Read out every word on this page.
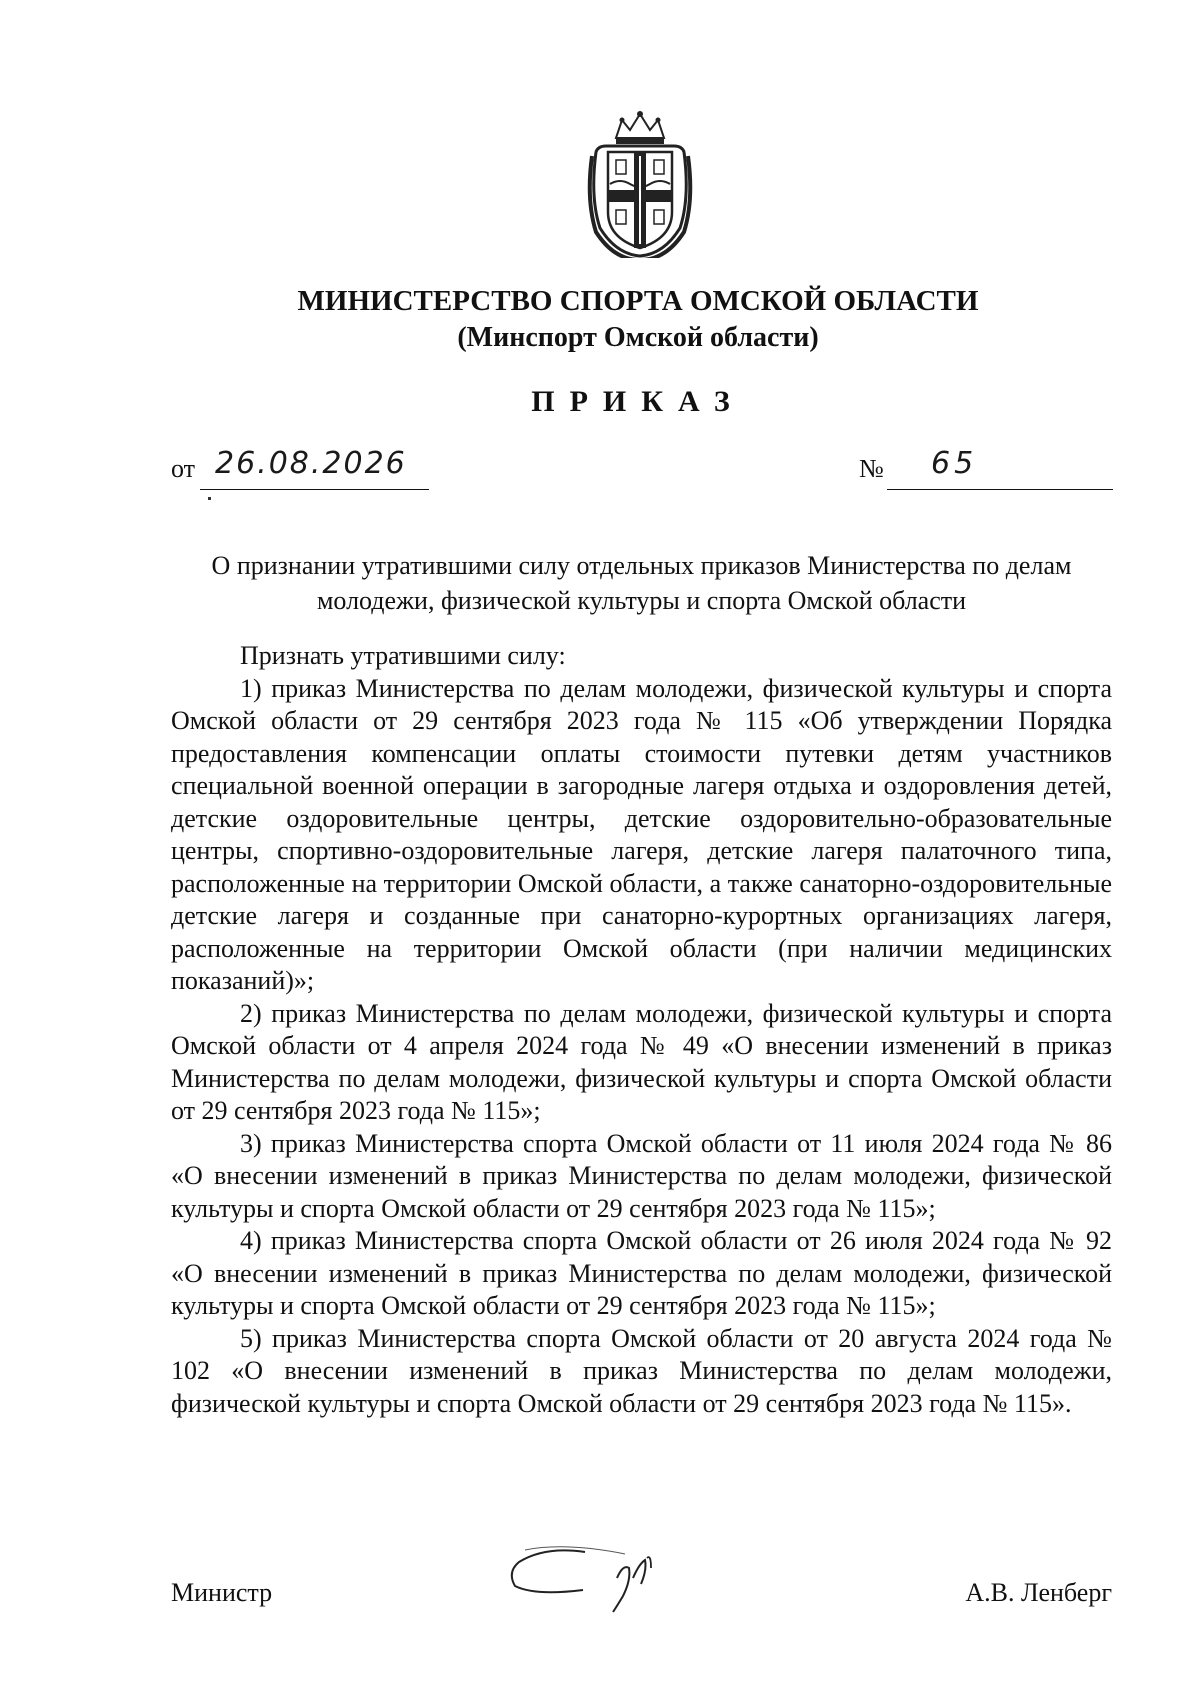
МИНИСТЕРСТВО СПОРТА ОМСКОЙ ОБЛАСТИ
(Минспорт Омской области)
ПРИКАЗ
от 26.08.2026	№ 65
О признании утратившими силу отдельных приказов Министерства по делам молодежи, физической культуры и спорта Омской области

Признать утратившими силу:

1) приказ Министерства по делам молодежи, физической культуры и спорта Омской области от 29 сентября 2023 года № 115 «Об утверждении Порядка предоставления компенсации оплаты стоимости путевки детям участников специальной военной операции в загородные лагеря отдыха и оздоровления детей, детские оздоровительные центры, детские оздоровительно-образовательные центры, спортивно-оздоровительные лагеря, детские лагеря палаточного типа, расположенные на территории Омской области, а также санаторно-оздоровительные детские лагеря и созданные при санаторно-курортных организациях лагеря, расположенные на территории Омской области (при наличии медицинских показаний)»;

2) приказ Министерства по делам молодежи, физической культуры и спорта Омской области от 4 апреля 2024 года № 49 «О внесении изменений в приказ Министерства по делам молодежи, физической культуры и спорта Омской области от 29 сентября 2023 года № 115»;

3) приказ Министерства спорта Омской области от 11 июля 2024 года № 86 «О внесении изменений в приказ Министерства по делам молодежи, физической культуры и спорта Омской области от 29 сентября 2023 года № 115»;

4) приказ Министерства спорта Омской области от 26 июля 2024 года № 92 «О внесении изменений в приказ Министерства по делам молодежи, физической культуры и спорта Омской области от 29 сентября 2023 года № 115»;

5) приказ Министерства спорта Омской области от 20 августа 2024 года № 102 «О внесении изменений в приказ Министерства по делам молодежи, физической культуры и спорта Омской области от 29 сентября 2023 года № 115».

Министр	А.В. Ленберг
